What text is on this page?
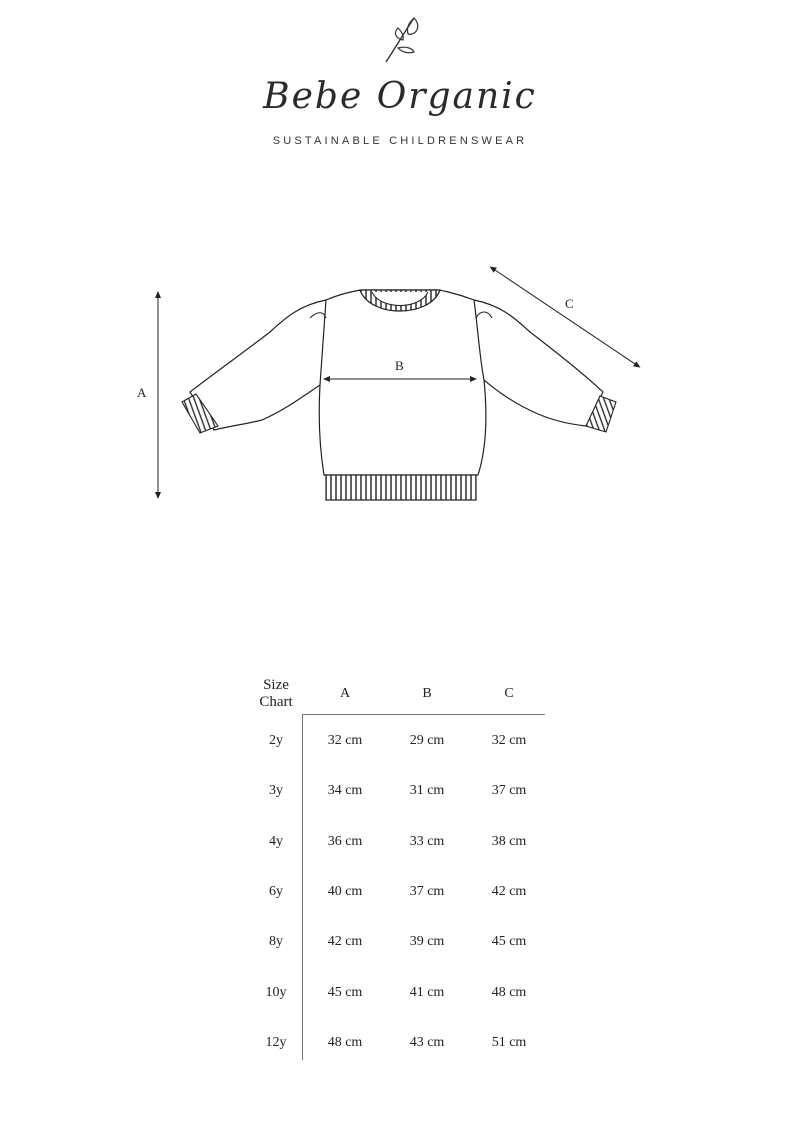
Bebe Organic
SUSTAINABLE CHILDRENSWEAR
A
B
C
Size
Chart	A	B	C
2y	32 cm	29 cm	32 cm
3y	34 cm	31 cm	37 cm
4y	36 cm	33 cm	38 cm
6y	40 cm	37 cm	42 cm
8y	42 cm	39 cm	45 cm
10y	45 cm	41 cm	48 cm
12y	48 cm	43 cm	51 cm
